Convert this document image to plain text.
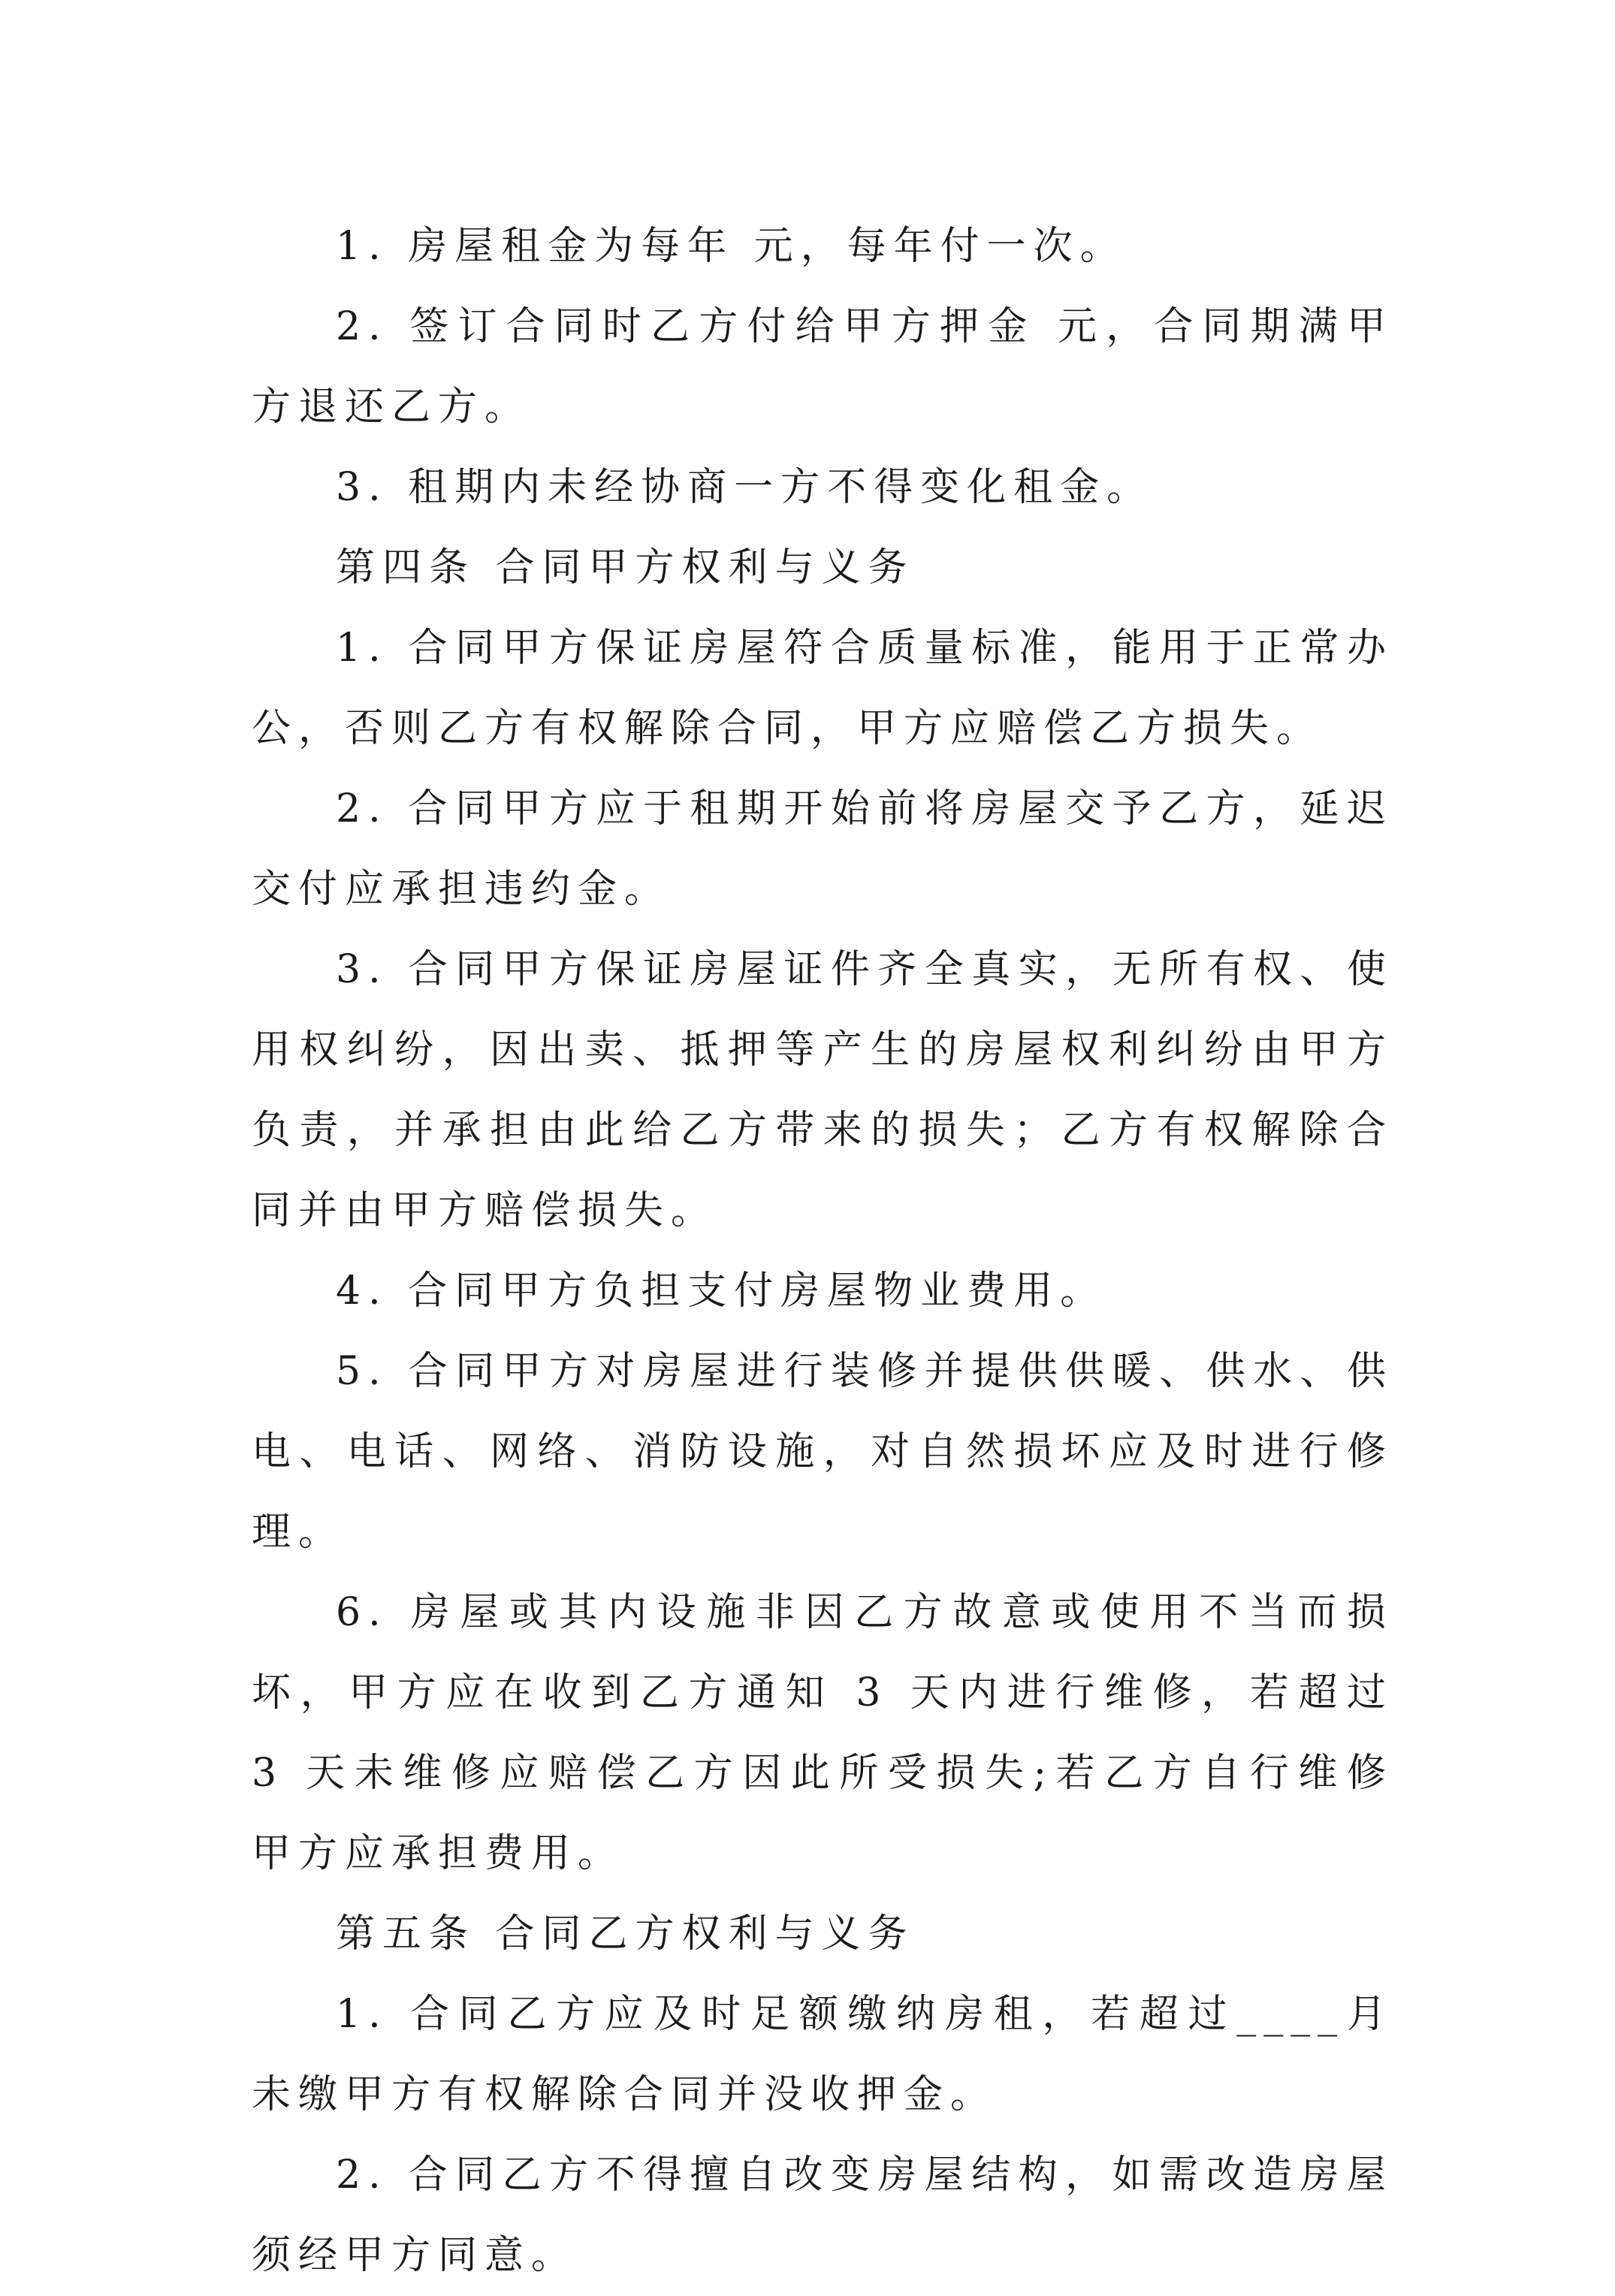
1. 房屋租金为每年 元，每年付一次。

2. 签订合同时乙方付给甲方押金 元，合同期满甲方退还乙方。

3. 租期内未经协商一方不得变化租金。

第四条 合同甲方权利与义务

1. 合同甲方保证房屋符合质量标准，能用于正常办公，否则乙方有权解除合同，甲方应赔偿乙方损失。

2. 合同甲方应于租期开始前将房屋交予乙方，延迟交付应承担违约金。

3. 合同甲方保证房屋证件齐全真实，无所有权、使用权纠纷，因出卖、抵押等产生的房屋权利纠纷由甲方负责，并承担由此给乙方带来的损失；乙方有权解除合同并由甲方赔偿损失。

4. 合同甲方负担支付房屋物业费用。

5. 合同甲方对房屋进行装修并提供供暖、供水、供电、电话、网络、消防设施，对自然损坏应及时进行修理。

6. 房屋或其内设施非因乙方故意或使用不当而损坏，甲方应在收到乙方通知 3 天内进行维修，若超过 3 天未维修应赔偿乙方因此所受损失;若乙方自行维修甲方应承担费用。

第五条 合同乙方权利与义务

1. 合同乙方应及时足额缴纳房租，若超过____月未缴甲方有权解除合同并没收押金。

2. 合同乙方不得擅自改变房屋结构，如需改造房屋须经甲方同意。
